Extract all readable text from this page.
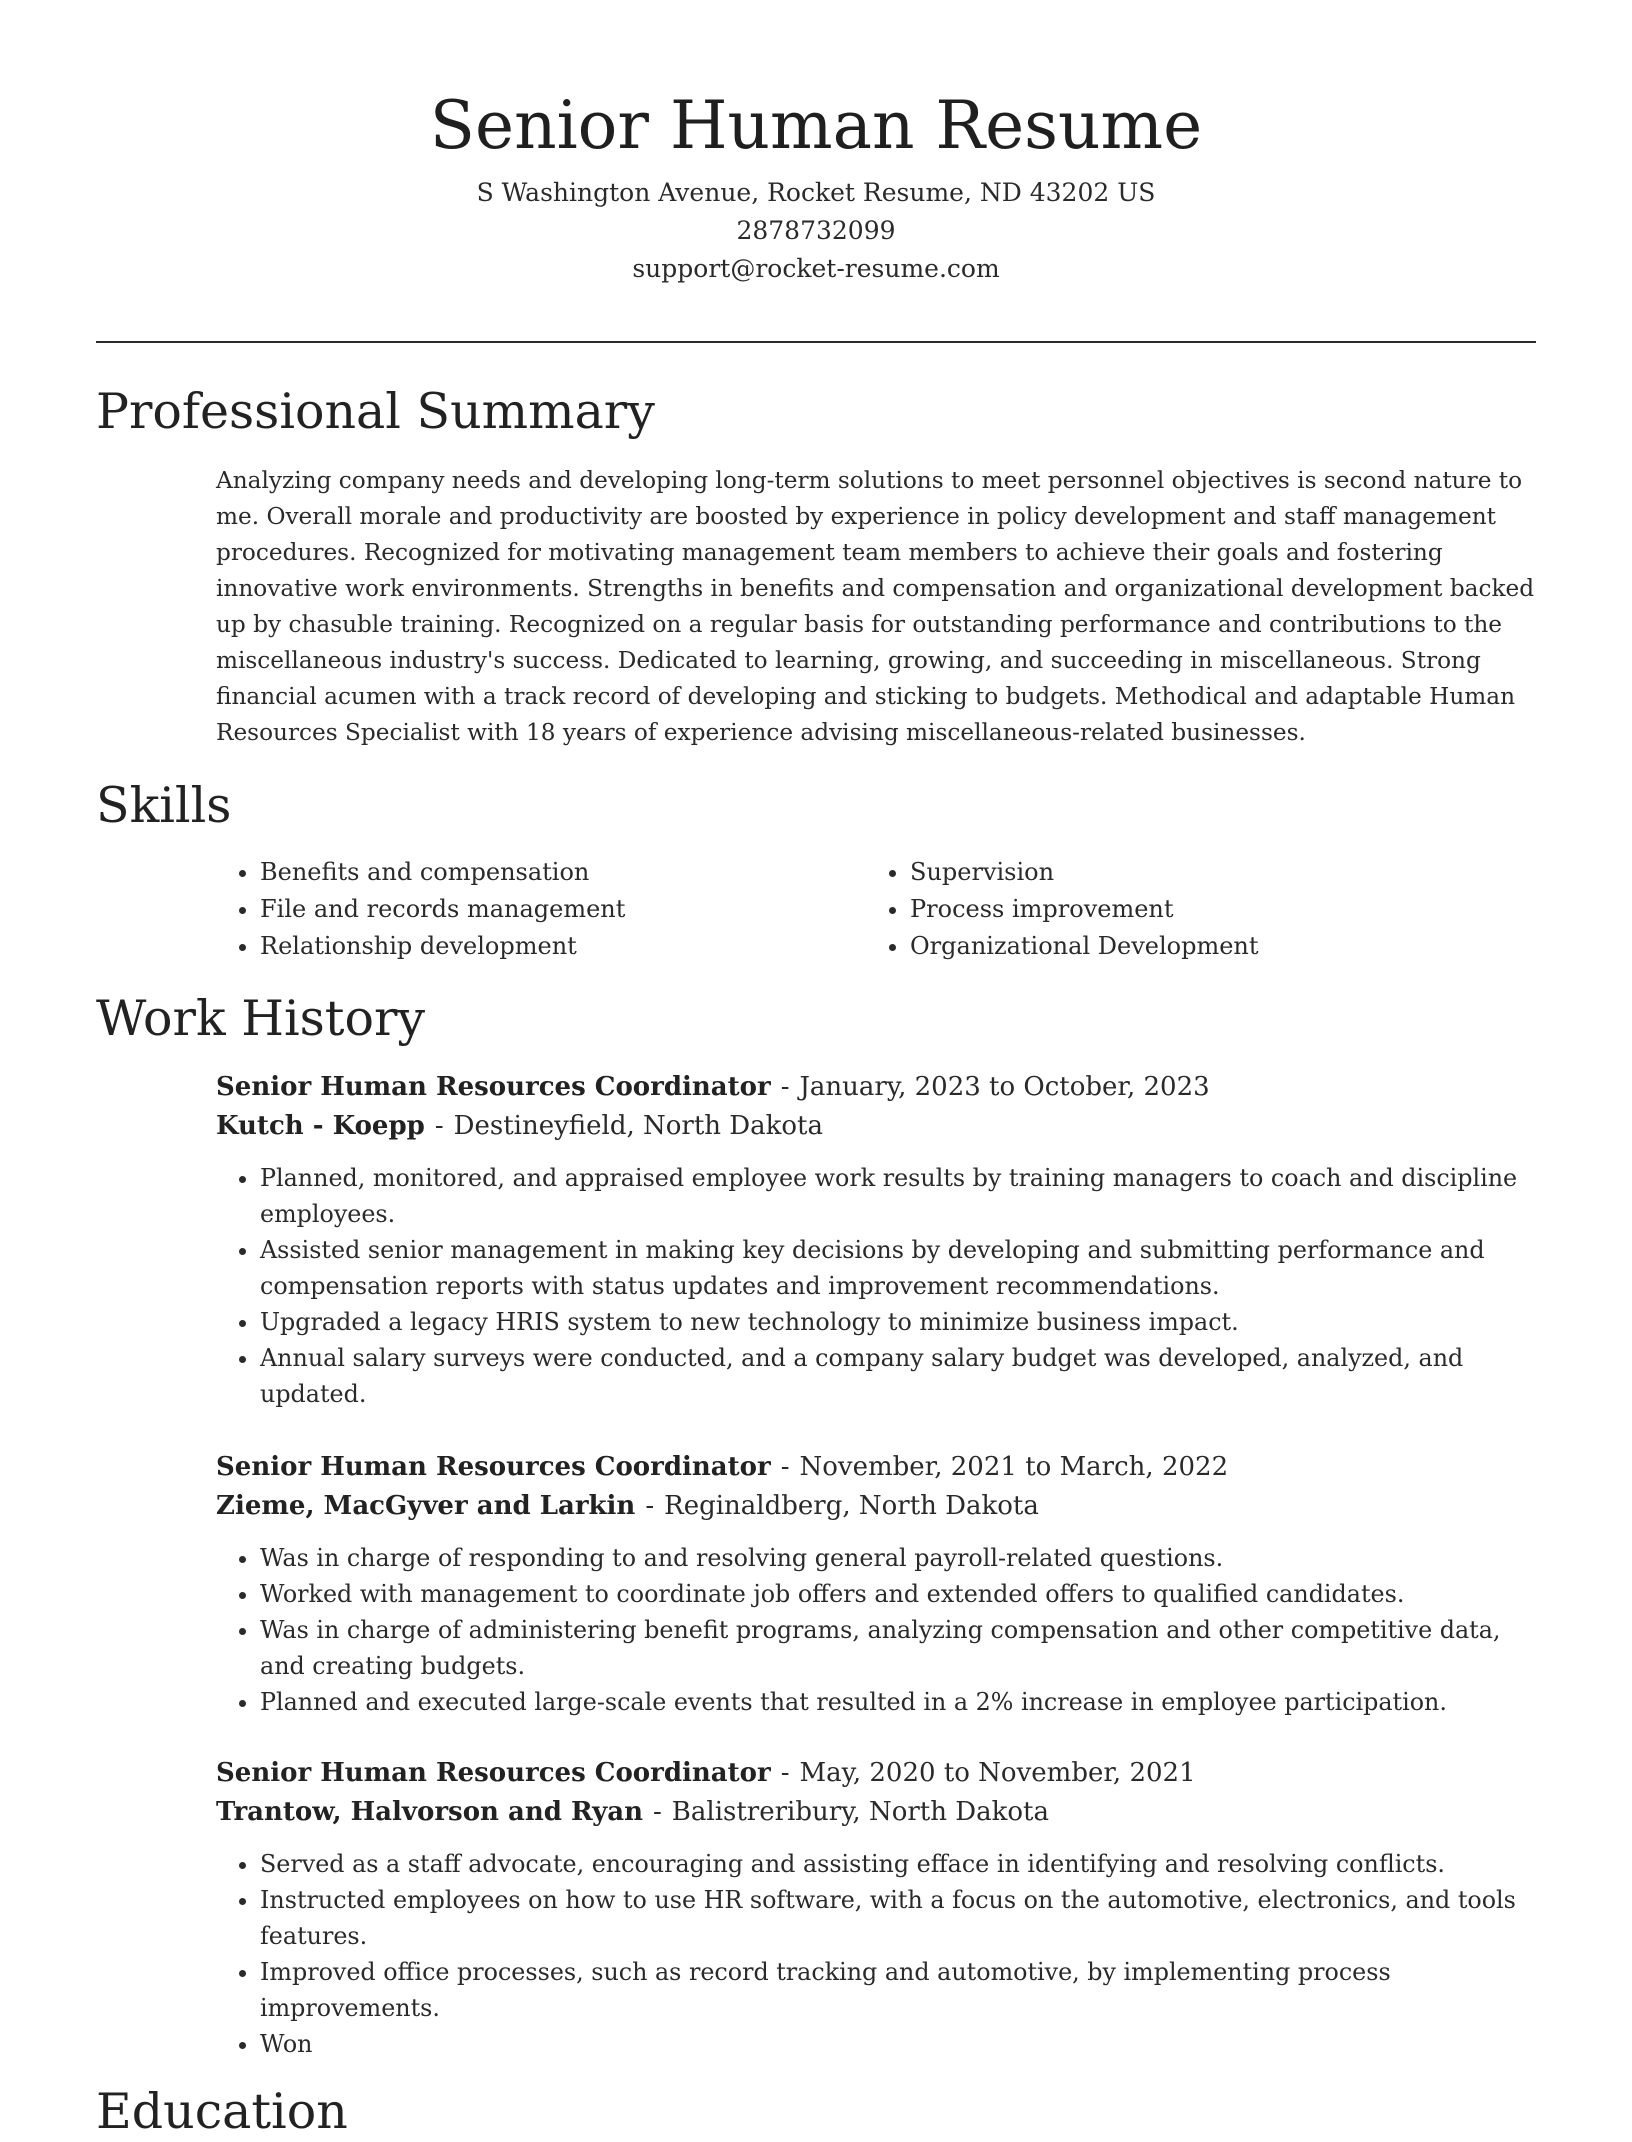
Senior Human Resume
S Washington Avenue, Rocket Resume, ND 43202 US
2878732099
support@rocket-resume.com
Professional Summary

Analyzing company needs and developing long-term solutions to meet personnel objectives is second nature to me. Overall morale and productivity are boosted by experience in policy development and staff management procedures. Recognized for motivating management team members to achieve their goals and fostering innovative work environments. Strengths in benefits and compensation and organizational development backed up by chasuble training. Recognized on a regular basis for outstanding performance and contributions to the miscellaneous industry's success. Dedicated to learning, growing, and succeeding in miscellaneous. Strong financial acumen with a track record of developing and sticking to budgets. Methodical and adaptable Human Resources Specialist with 18 years of experience advising miscellaneous-related businesses.

Skills
• Benefits and compensation
• File and records management
• Relationship development
• Supervision
• Process improvement
• Organizational Development
Work History
Senior Human Resources Coordinator - January, 2023 to October, 2023
Kutch - Koepp - Destineyfield, North Dakota
• Planned, monitored, and appraised employee work results by training managers to coach and discipline employees.
• Assisted senior management in making key decisions by developing and submitting performance and compensation reports with status updates and improvement recommendations.
• Upgraded a legacy HRIS system to new technology to minimize business impact.
• Annual salary surveys were conducted, and a company salary budget was developed, analyzed, and updated.
Senior Human Resources Coordinator - November, 2021 to March, 2022
Zieme, MacGyver and Larkin - Reginaldberg, North Dakota
• Was in charge of responding to and resolving general payroll-related questions.
• Worked with management to coordinate job offers and extended offers to qualified candidates.
• Was in charge of administering benefit programs, analyzing compensation and other competitive data, and creating budgets.
• Planned and executed large-scale events that resulted in a 2% increase in employee participation.
Senior Human Resources Coordinator - May, 2020 to November, 2021
Trantow, Halvorson and Ryan - Balistreribury, North Dakota
• Served as a staff advocate, encouraging and assisting efface in identifying and resolving conflicts.
• Instructed employees on how to use HR software, with a focus on the automotive, electronics, and tools features.
• Improved office processes, such as record tracking and automotive, by implementing process improvements.
• Won
Education
